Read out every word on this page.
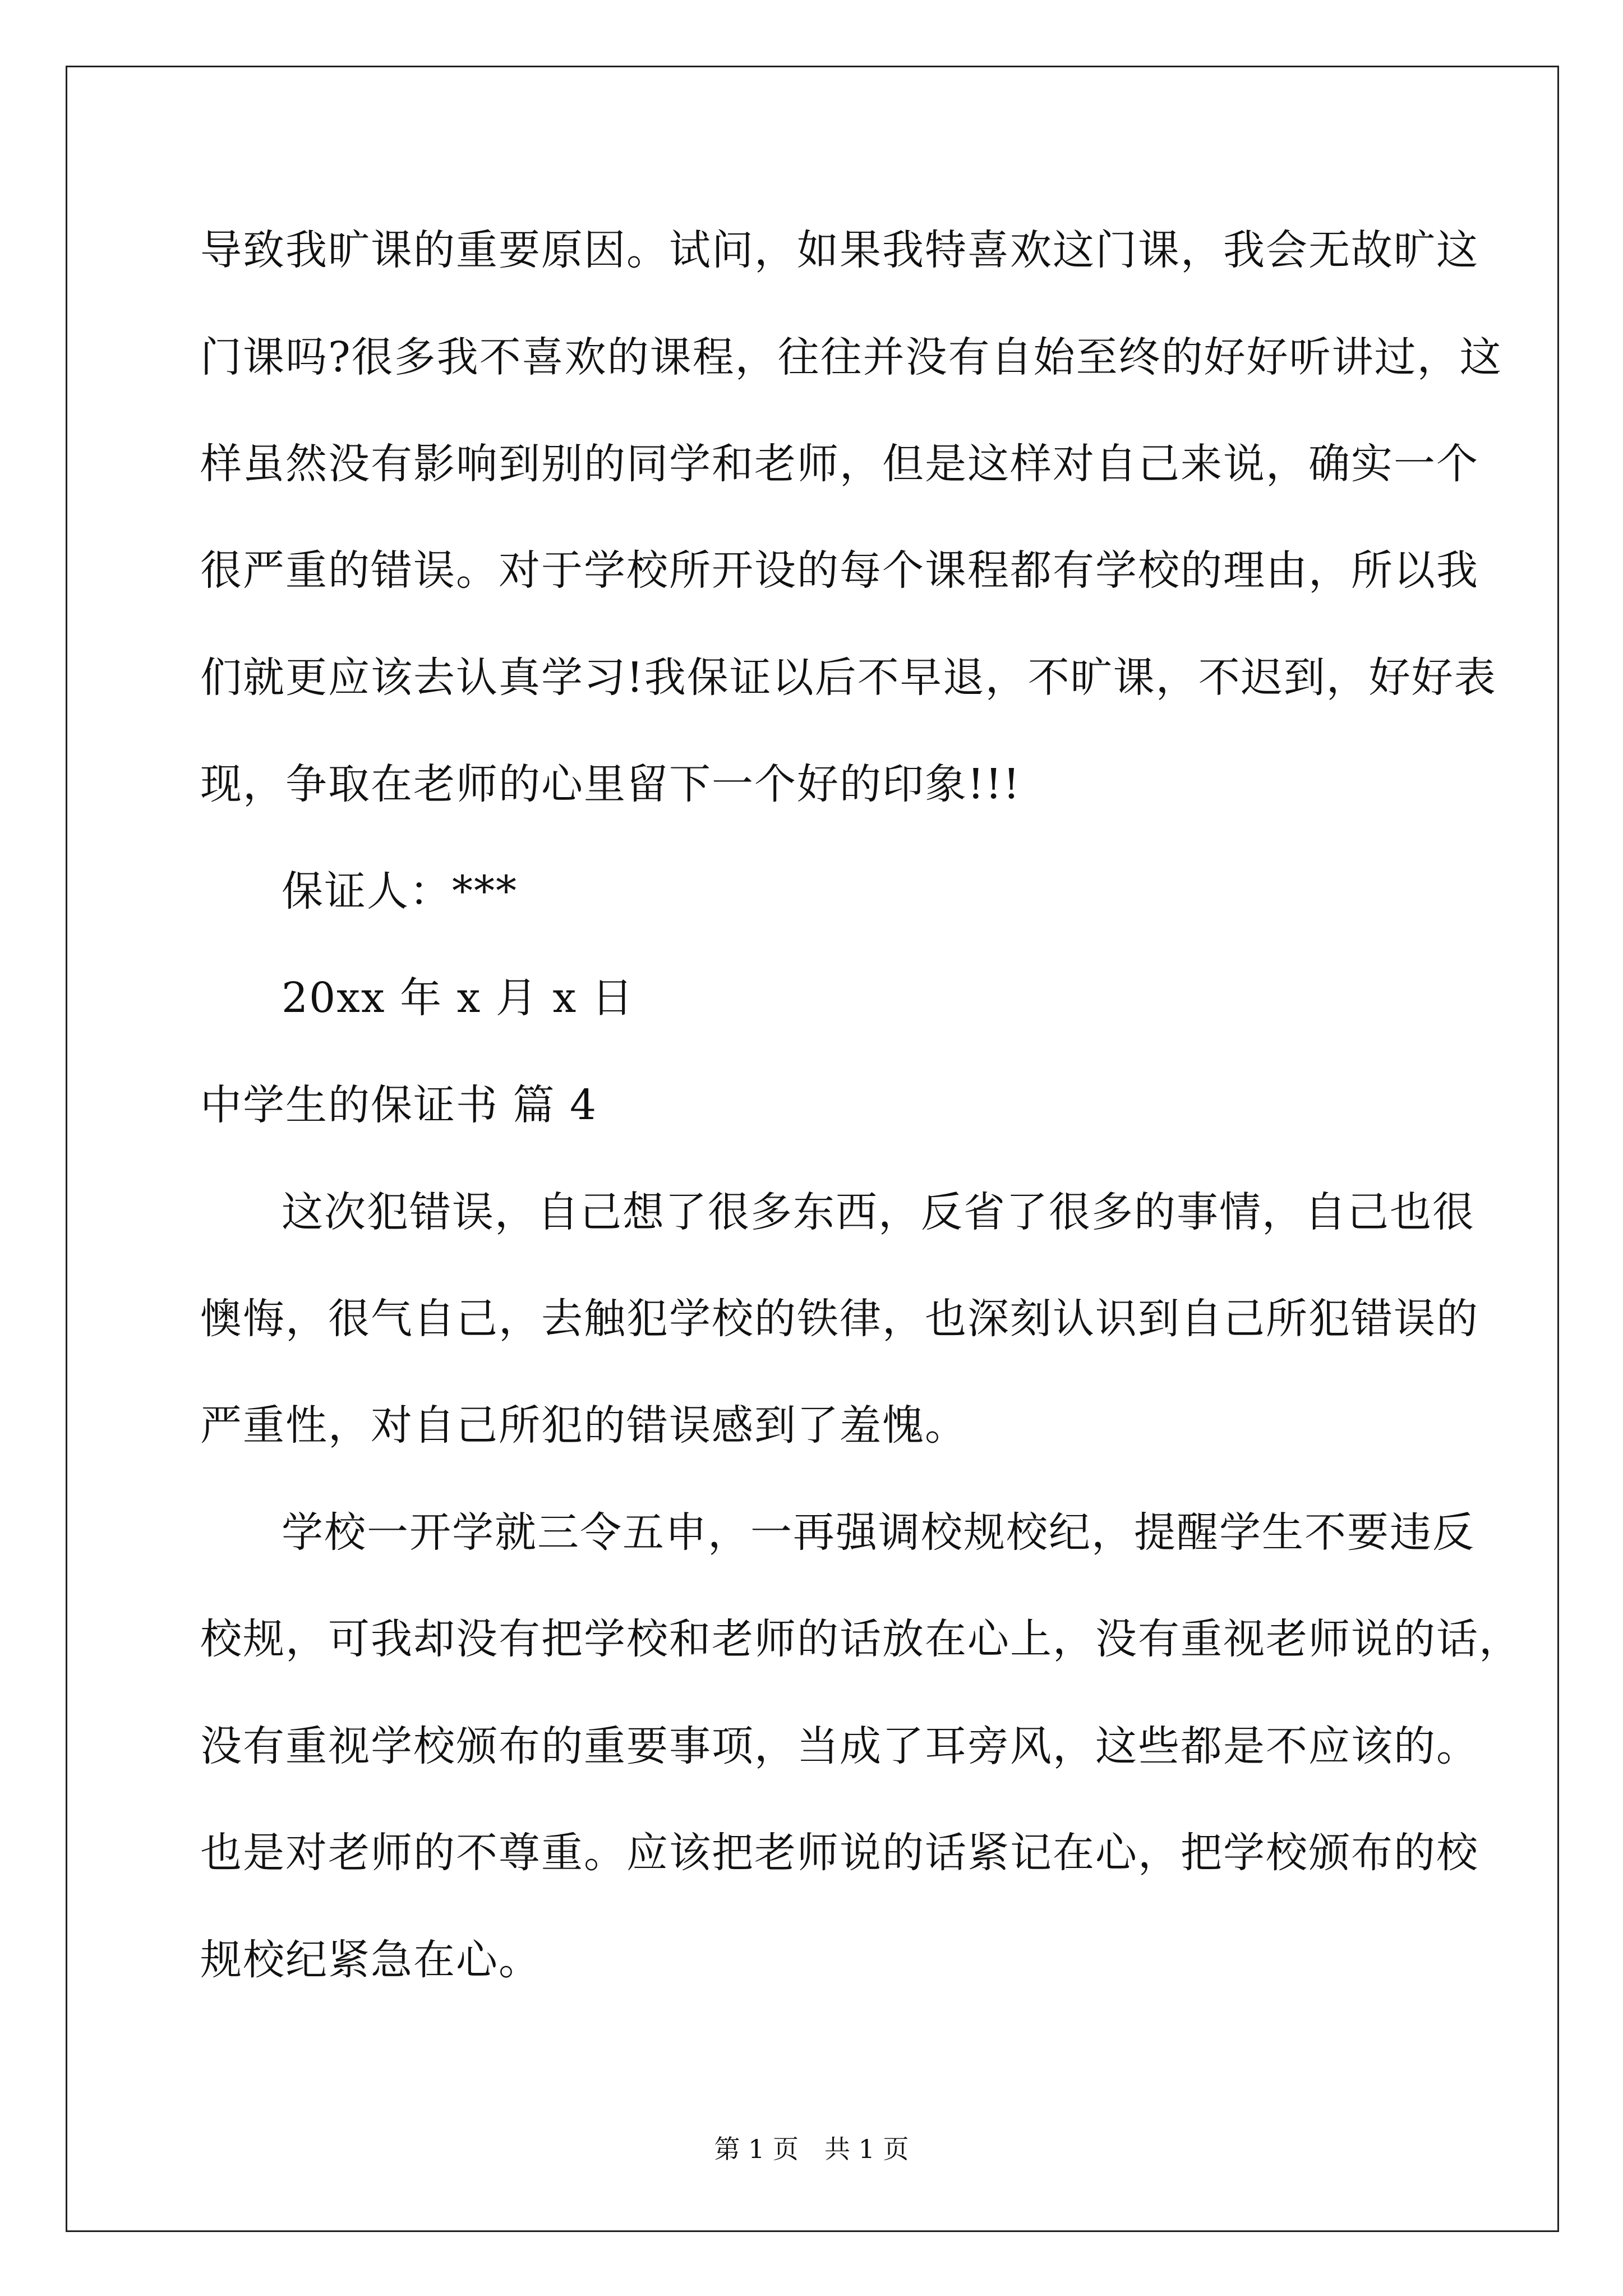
导致我旷课的重要原因。试问，如果我特喜欢这门课，我会无故旷这
门课吗?很多我不喜欢的课程，往往并没有自始至终的好好听讲过，这
样虽然没有影响到别的同学和老师，但是这样对自己来说，确实一个
很严重的错误。对于学校所开设的每个课程都有学校的理由，所以我
们就更应该去认真学习!我保证以后不早退，不旷课，不迟到，好好表
现，争取在老师的心里留下一个好的印象!!!
保证人：***
20xx 年 x 月 x 日
中学生的保证书 篇 4
这次犯错误，自己想了很多东西，反省了很多的事情，自己也很
懊悔，很气自己，去触犯学校的铁律，也深刻认识到自己所犯错误的
严重性，对自己所犯的错误感到了羞愧。
学校一开学就三令五申，一再强调校规校纪，提醒学生不要违反
校规，可我却没有把学校和老师的话放在心上，没有重视老师说的话，
没有重视学校颁布的重要事项，当成了耳旁风，这些都是不应该的。
也是对老师的不尊重。应该把老师说的话紧记在心，把学校颁布的校
规校纪紧急在心。
第 1 页　共 1 页
